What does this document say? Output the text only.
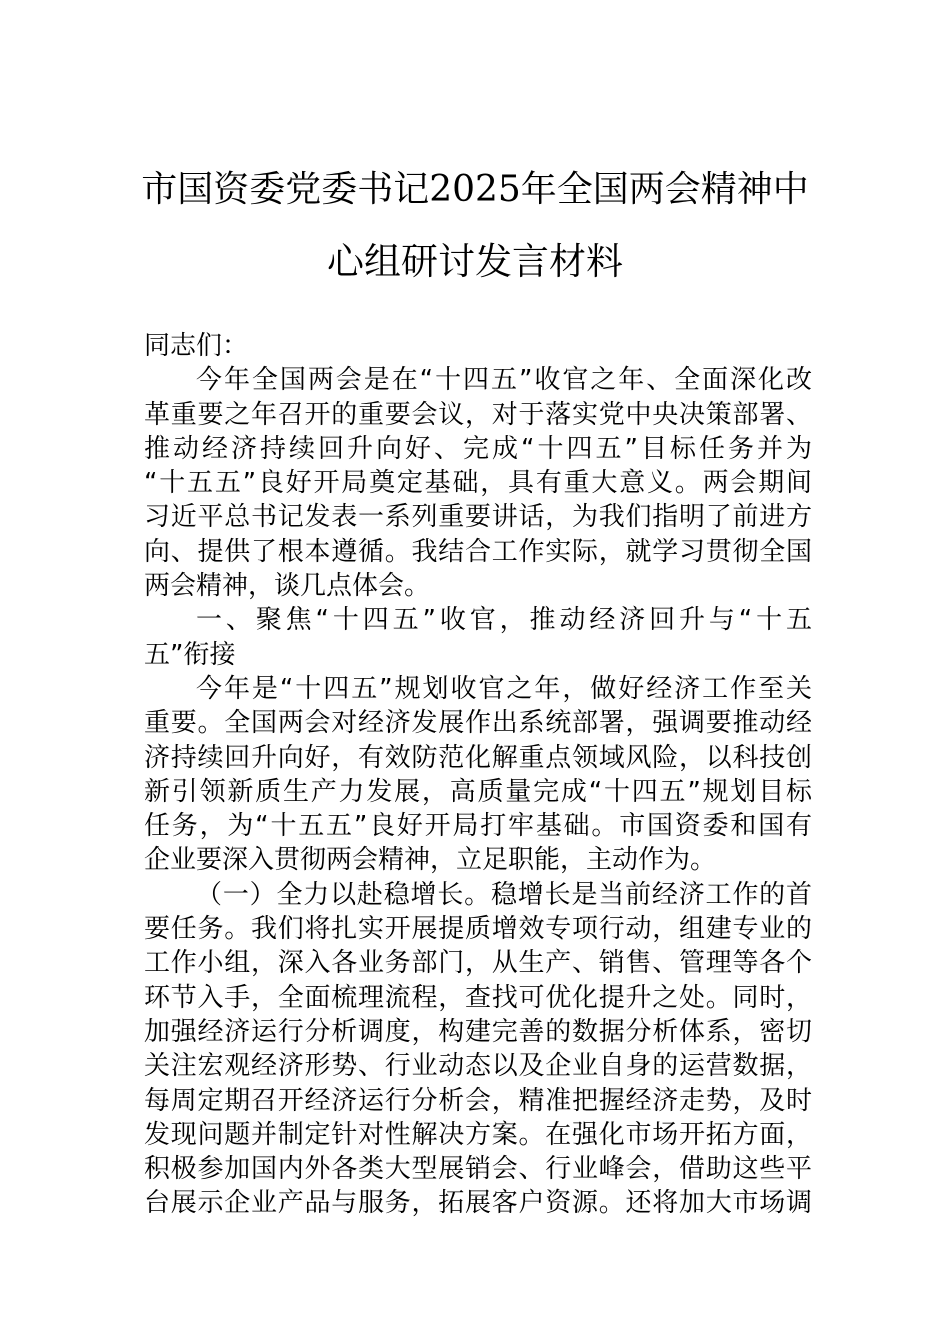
市国资委党委书记2025年全国两会精神中
心组研讨发言材料
同志们：
今年全国两会是在“十四五”收官之年、全面深化改
革重要之年召开的重要会议，对于落实党中央决策部署、
推动经济持续回升向好、完成“十四五”目标任务并为
“十五五”良好开局奠定基础，具有重大意义。两会期间
习近平总书记发表一系列重要讲话，为我们指明了前进方
向、提供了根本遵循。我结合工作实际，就学习贯彻全国
两会精神，谈几点体会。
一、聚焦“十四五”收官，推动经济回升与“十五
五”衔接
今年是“十四五”规划收官之年，做好经济工作至关
重要。全国两会对经济发展作出系统部署，强调要推动经
济持续回升向好，有效防范化解重点领域风险，以科技创
新引领新质生产力发展，高质量完成“十四五”规划目标
任务，为“十五五”良好开局打牢基础。市国资委和国有
企业要深入贯彻两会精神，立足职能，主动作为。
（一）全力以赴稳增长。稳增长是当前经济工作的首
要任务。我们将扎实开展提质增效专项行动，组建专业的
工作小组，深入各业务部门，从生产、销售、管理等各个
环节入手，全面梳理流程，查找可优化提升之处。同时，
加强经济运行分析调度，构建完善的数据分析体系，密切
关注宏观经济形势、行业动态以及企业自身的运营数据，
每周定期召开经济运行分析会，精准把握经济走势，及时
发现问题并制定针对性解决方案。在强化市场开拓方面，
积极参加国内外各类大型展销会、行业峰会，借助这些平
台展示企业产品与服务，拓展客户资源。还将加大市场调
